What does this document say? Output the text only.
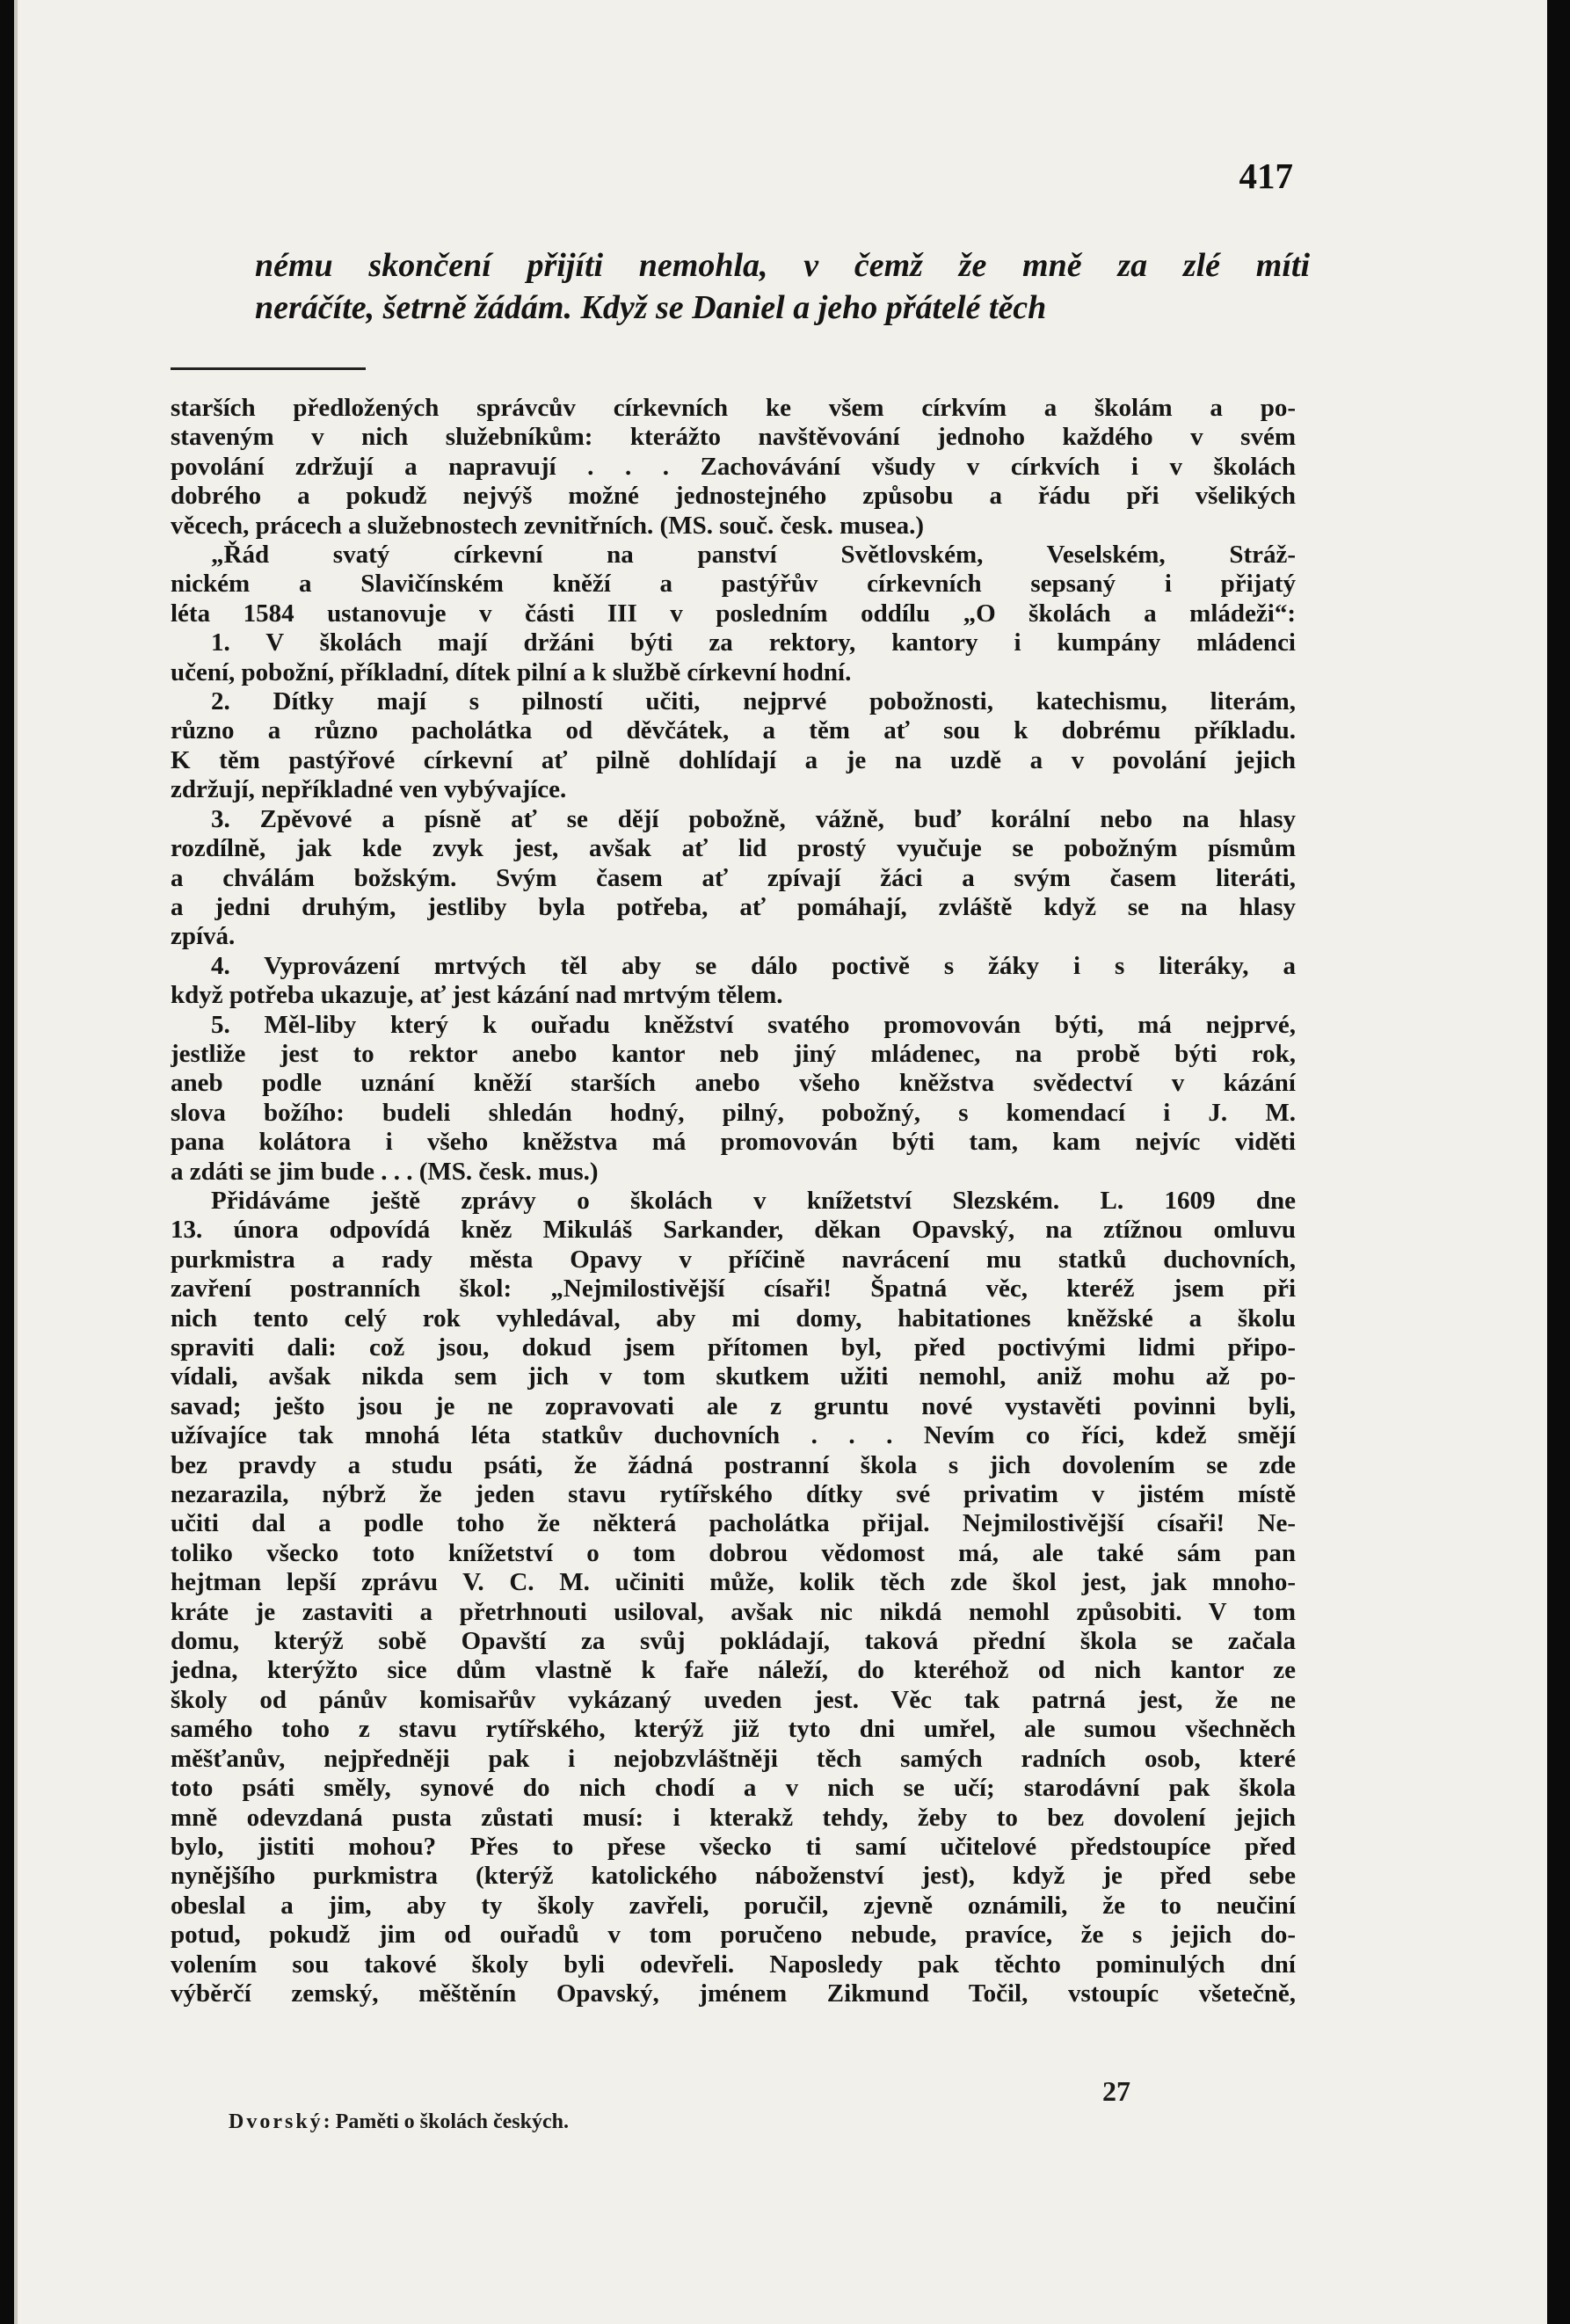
417
nému skončení přijíti nemohla, v čemž že mně za zlé míti
neráčíte, šetrně žádám. Když se Daniel a jeho přátelé těch
starších předložených správcův církevních ke všem církvím a školám a po-
staveným v nich služebníkům: kterážto navštěvování jednoho každého v svém
povolání zdržují a napravují . . . Zachovávání všudy v církvích i v školách
dobrého a pokudž nejvýš možné jednostejného způsobu a řádu při všelikých
věcech, prácech a služebnostech zevnitřních. (MS. souč. česk. musea.)
„Řád svatý církevní na panství Světlovském, Veselském, Stráž-
nickém a Slavičínském kněží a pastýřův církevních sepsaný i přijatý
léta 1584 ustanovuje v části III v posledním oddílu „O školách a mládeži“:
1. V školách mají držáni býti za rektory, kantory i kumpány mládenci
učení, pobožní, příkladní, dítek pilní a k službě církevní hodní.
2. Dítky mají s pilností učiti, nejprvé pobožnosti, katechismu, literám,
různo a různo pacholátka od děvčátek, a těm ať sou k dobrému příkladu.
K těm pastýřové církevní ať pilně dohlídají a je na uzdě a v povolání jejich
zdržují, nepříkladné ven vybývajíce.
3. Zpěvové a písně ať se dějí pobožně, vážně, buď korální nebo na hlasy
rozdílně, jak kde zvyk jest, avšak ať lid prostý vyučuje se pobožným písmům
a chválám božským. Svým časem ať zpívají žáci a svým časem literáti,
a jedni druhým, jestliby byla potřeba, ať pomáhají, zvláště když se na hlasy
zpívá.
4. Vyprovázení mrtvých těl aby se dálo poctivě s žáky i s literáky, a
když potřeba ukazuje, ať jest kázání nad mrtvým tělem.
5. Měl-liby který k ouřadu kněžství svatého promovován býti, má nejprvé,
jestliže jest to rektor anebo kantor neb jiný mládenec, na probě býti rok,
aneb podle uznání kněží starších anebo všeho kněžstva svědectví v kázání
slova božího: budeli shledán hodný, pilný, pobožný, s komendací i J. M.
pana kolátora i všeho kněžstva má promovován býti tam, kam nejvíc viděti
a zdáti se jim bude . . . (MS. česk. mus.)
Přidáváme ještě zprávy o školách v knížetství Slezském. L. 1609 dne
13. února odpovídá kněz Mikuláš Sarkander, děkan Opavský, na ztížnou omluvu
purkmistra a rady města Opavy v příčině navrácení mu statků duchovních,
zavření postranních škol: „Nejmilostivější císaři! Špatná věc, kteréž jsem při
nich tento celý rok vyhledával, aby mi domy, habitationes kněžské a školu
spraviti dali: což jsou, dokud jsem přítomen byl, před poctivými lidmi připo-
vídali, avšak nikda sem jich v tom skutkem užiti nemohl, aniž mohu až po-
savad; ješto jsou je ne zopravovati ale z gruntu nové vystavěti povinni byli,
užívajíce tak mnohá léta statkův duchovních . . . Nevím co říci, kdež smějí
bez pravdy a studu psáti, že žádná postranní škola s jich dovolením se zde
nezarazila, nýbrž že jeden stavu rytířského dítky své privatim v jistém místě
učiti dal a podle toho že některá pacholátka přijal. Nejmilostivější císaři! Ne-
toliko všecko toto knížetství o tom dobrou vědomost má, ale také sám pan
hejtman lepší zprávu V. C. M. učiniti může, kolik těch zde škol jest, jak mnoho-
kráte je zastaviti a přetrhnouti usiloval, avšak nic nikdá nemohl způsobiti. V tom
domu, kterýž sobě Opavští za svůj pokládají, taková přední škola se začala
jedna, kterýžto sice dům vlastně k faře náleží, do kteréhož od nich kantor ze
školy od pánův komisařův vykázaný uveden jest. Věc tak patrná jest, že ne
samého toho z stavu rytířského, kterýž již tyto dni umřel, ale sumou všechněch
měšťanův, nejpředněji pak i nejobzvláštněji těch samých radních osob, které
toto psáti směly, synové do nich chodí a v nich se učí; starodávní pak škola
mně odevzdaná pusta zůstati musí: i kterakž tehdy, žeby to bez dovolení jejich
bylo, jistiti mohou? Přes to přese všecko ti samí učitelové předstoupíce před
nynějšího purkmistra (kterýž katolického náboženství jest), když je před sebe
obeslal a jim, aby ty školy zavřeli, poručil, zjevně oznámili, že to neučiní
potud, pokudž jim od ouřadů v tom poručeno nebude, pravíce, že s jejich do-
volením sou takové školy byli odevřeli. Naposledy pak těchto pominulých dní
výběrčí zemský, měštěnín Opavský, jménem Zikmund Točil, vstoupíc všetečně,
27
Dvorský: Paměti o školách českých.
